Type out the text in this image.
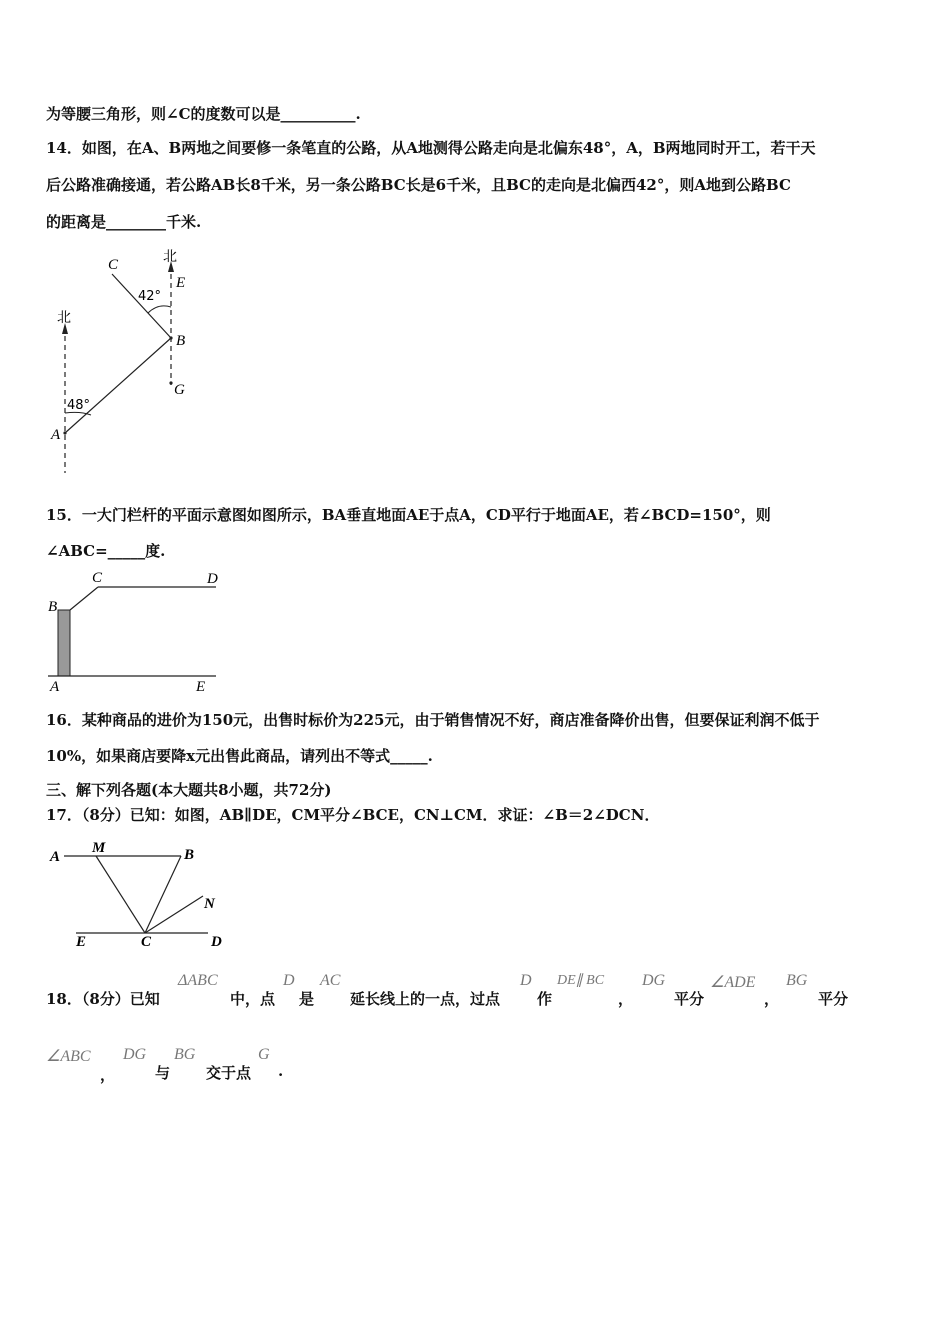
为等腰三角形，则∠C的度数可以是__________.
14．如图，在A、B两地之间要修一条笔直的公路，从A地测得公路走向是北偏东48°，A，B两地同时开工，若干天
后公路准确接通，若公路AB长8千米，另一条公路BC长是6千米，且BC的走向是北偏西42°，则A地到公路BC
的距离是________千米.
北
北
C
E
42°
B
G
48°
A
15．一大门栏杆的平面示意图如图所示，BA垂直地面AE于点A，CD平行于地面AE，若∠BCD=150°，则
∠ABC=_____度.
B
C	D
A	E
16．某种商品的进价为150元，出售时标价为225元，由于销售情况不好，商店准备降价出售，但要保证利润不低于
10%，如果商店要降x元出售此商品，请列出不等式_____.
三、解下列各题(本大题共8小题，共72分)
17．（8分）已知：如图，AB∥DE，CM平分∠BCE，CN⊥CM．求证：∠B＝2∠DCN．
A
M	B
N
E	C	D
18．（8分）已知
ΔABC
中，点
D
是
AC
延长线上的一点，过点
D
作
DE∥ BC
，
DG
平分
∠ADE
，
BG
平分
∠ABC
，
DG
与
BG
交于点
G
.
